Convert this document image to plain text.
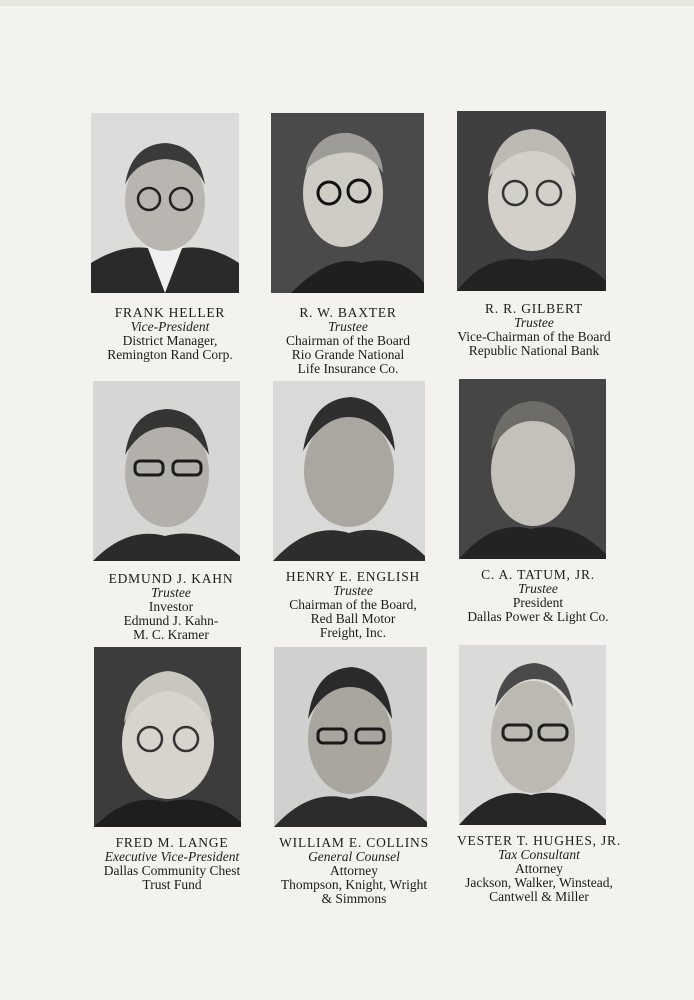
FRANK HELLER
Vice-President
District Manager,
Remington Rand Corp.
R. W. BAXTER
Trustee
Chairman of the Board
Rio Grande National
Life Insurance Co.
R. R. GILBERT
Trustee
Vice-Chairman of the Board
Republic National Bank
EDMUND J. KAHN
Trustee
Investor
Edmund J. Kahn-
M. C. Kramer
HENRY E. ENGLISH
Trustee
Chairman of the Board,
Red Ball Motor
Freight, Inc.
C. A. TATUM, JR.
Trustee
President
Dallas Power & Light Co.
FRED M. LANGE
Executive Vice-President
Dallas Community Chest
Trust Fund
WILLIAM E. COLLINS
General Counsel
Attorney
Thompson, Knight, Wright
& Simmons
VESTER T. HUGHES, JR.
Tax Consultant
Attorney
Jackson, Walker, Winstead,
Cantwell & Miller
